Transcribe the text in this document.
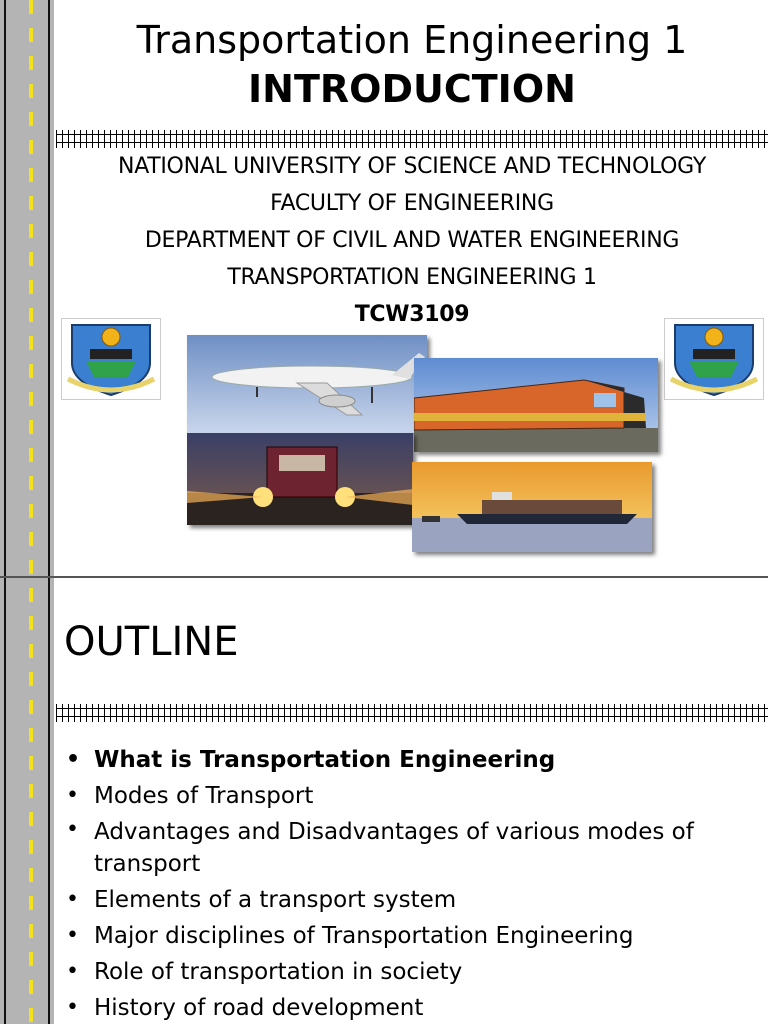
Transportation Engineering 1
INTRODUCTION
NATIONAL UNIVERSITY OF SCIENCE AND TECHNOLOGY
FACULTY OF ENGINEERING
DEPARTMENT OF CIVIL AND WATER ENGINEERING
TRANSPORTATION ENGINEERING 1
TCW3109
OUTLINE
• What is Transportation Engineering
• Modes of Transport
• Advantages and Disadvantages of various modes of transport
• Elements of a transport system
• Major disciplines of Transportation Engineering
• Role of transportation in society
• History of road development
